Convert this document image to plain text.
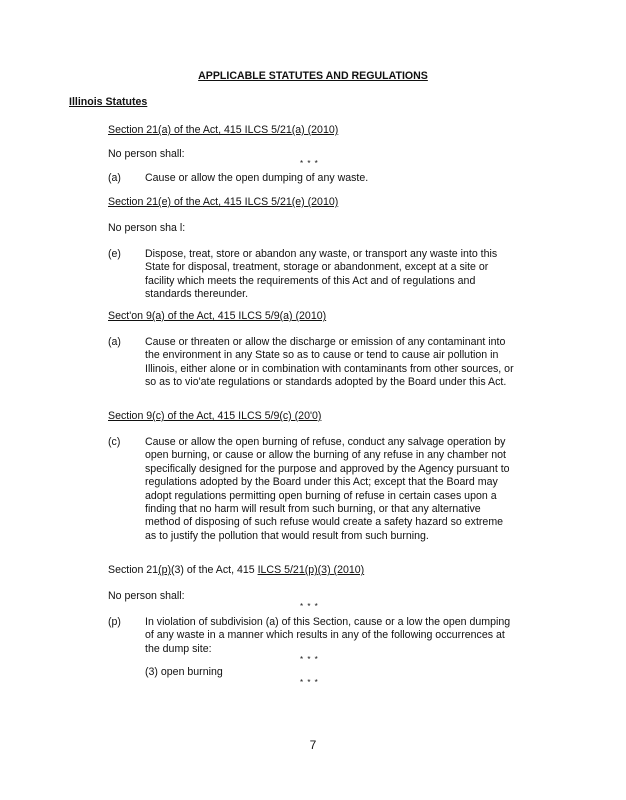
APPLICABLE STATUTES AND REGULATIONS
Illinois Statutes
Section 21(a) of the Act, 415 ILCS 5/21(a) (2010)
No person shall:
* * *
(a) Cause or allow the open dumping of any waste.
Section 21(e) of the Act, 415 ILCS 5/21(e) (2010)
No person sha l:
(e) Dispose, treat, store or abandon any waste, or transport any waste into this State for disposal, treatment, storage or abandonment, except at a site or facility which meets the requirements of this Act and of regulations and standards thereunder.
Sect'on 9(a) of the Act, 415 ILCS 5/9(a) (2010)
(a) Cause or threaten or allow the discharge or emission of any contaminant into the environment in any State so as to cause or tend to cause air pollution in Illinois, either alone or in combination with contaminants from other sources, or so as to vio'ate regulations or standards adopted by the Board under this Act.
Section 9(c) of the Act, 415 ILCS 5/9(c) (20'0)
(c) Cause or allow the open burning of refuse, conduct any salvage operation by open burning, or cause or allow the burning of any refuse in any chamber not specifically designed for the purpose and approved by the Agency pursuant to regulations adopted by the Board under this Act; except that the Board may adopt regulations permitting open burning of refuse in certain cases upon a finding that no harm will result from such burning, or that any alternative method of disposing of such refuse would create a safety hazard so extreme as to justify the pollution that would result from such burning.
Section 21(p)(3) of the Act, 415 ILCS 5/21(p)(3) (2010)
No person shall:
* * *
(p) In violation of subdivision (a) of this Section, cause or a low the open dumping of any waste in a manner which results in any of the following occurrences at the dump site:
* * *
(3) open burning
* * *
7
